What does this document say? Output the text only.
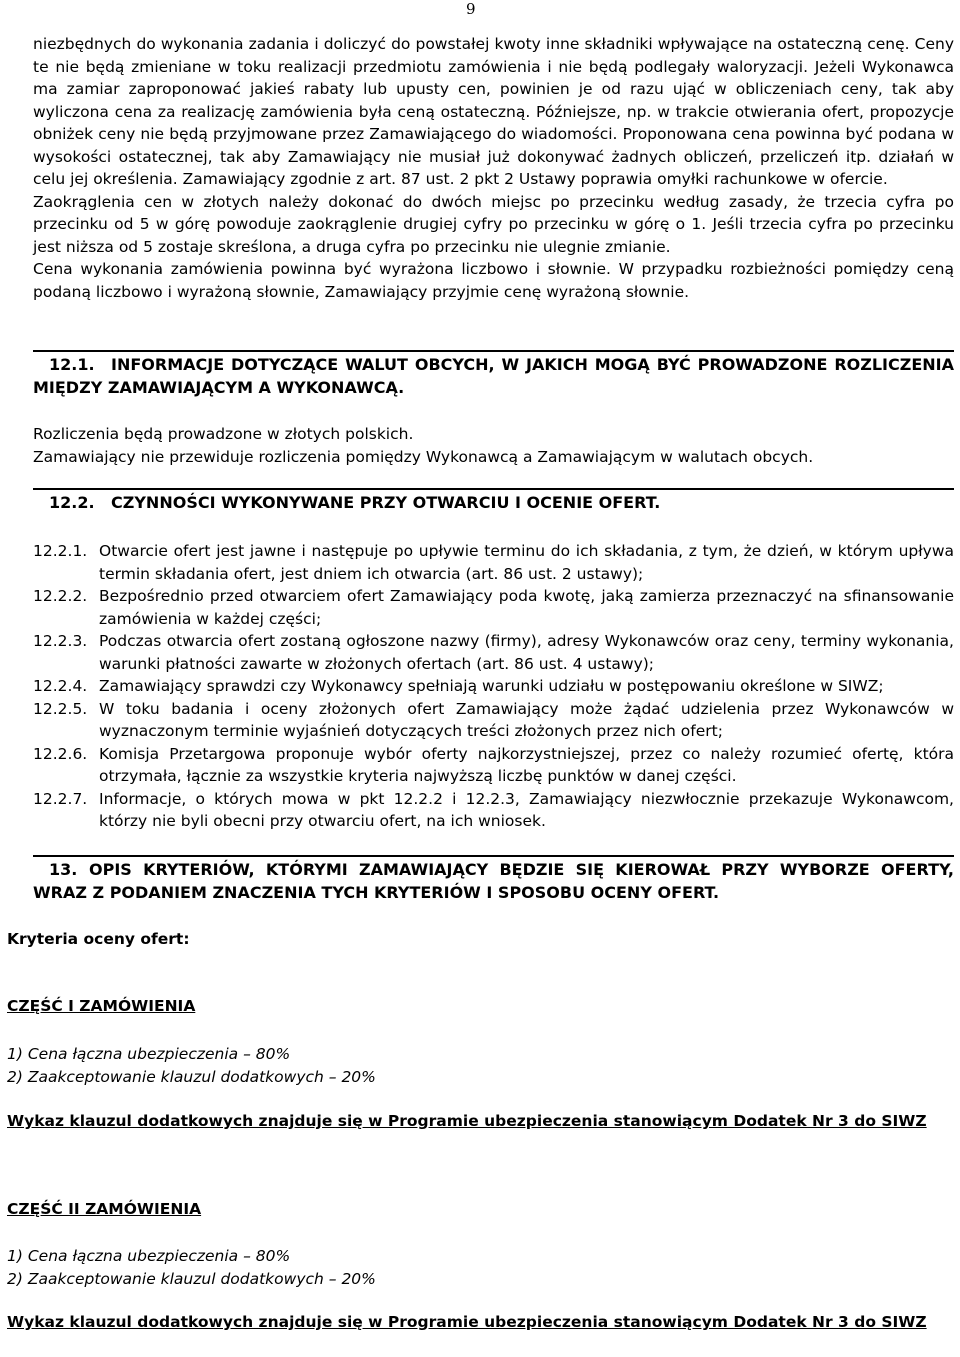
9

niezbędnych do wykonania zadania i doliczyć do powstałej kwoty inne składniki wpływające na ostateczną cenę. Ceny te nie będą zmieniane w toku realizacji przedmiotu zamówienia i nie będą podlegały waloryzacji. Jeżeli Wykonawca ma zamiar zaproponować jakieś rabaty lub upusty cen, powinien je od razu ująć w obliczeniach ceny, tak aby wyliczona cena za realizację zamówienia była ceną ostateczną. Późniejsze, np. w trakcie otwierania ofert, propozycje obniżek ceny nie będą przyjmowane przez Zamawiającego do wiadomości. Proponowana cena powinna być podana w wysokości ostatecznej, tak aby Zamawiający nie musiał już dokonywać żadnych obliczeń, przeliczeń itp. działań w celu jej określenia. Zamawiający zgodnie z art. 87 ust. 2 pkt 2 Ustawy poprawia omyłki rachunkowe w ofercie.

Zaokrąglenia cen w złotych należy dokonać do dwóch miejsc po przecinku według zasady, że trzecia cyfra po przecinku od 5 w górę powoduje zaokrąglenie drugiej cyfry po przecinku w górę o 1. Jeśli trzecia cyfra po przecinku jest niższa od 5 zostaje skreślona, a druga cyfra po przecinku nie ulegnie zmianie.

Cena wykonania zamówienia powinna być wyrażona liczbowo i słownie. W przypadku rozbieżności pomiędzy ceną podaną liczbowo i wyrażoną słownie, Zamawiający przyjmie cenę wyrażoną słownie.

12.1. INFORMACJE DOTYCZĄCE WALUT OBCYCH, W JAKICH MOGĄ BYĆ PROWADZONE ROZLICZENIA MIĘDZY ZAMAWIAJĄCYM A WYKONAWCĄ.

Rozliczenia będą prowadzone w złotych polskich.

Zamawiający nie przewiduje rozliczenia pomiędzy Wykonawcą a Zamawiającym w walutach obcych.

12.2. CZYNNOŚCI WYKONYWANE PRZY OTWARCIU I OCENIE OFERT.

12.2.1. Otwarcie ofert jest jawne i następuje po upływie terminu do ich składania, z tym, że dzień, w którym upływa termin składania ofert, jest dniem ich otwarcia (art. 86 ust. 2 ustawy);
12.2.2. Bezpośrednio przed otwarciem ofert Zamawiający poda kwotę, jaką zamierza przeznaczyć na sfinansowanie zamówienia w każdej części;
12.2.3. Podczas otwarcia ofert zostaną ogłoszone nazwy (firmy), adresy Wykonawców oraz ceny, terminy wykonania, warunki płatności zawarte w złożonych ofertach (art. 86 ust. 4 ustawy);
12.2.4. Zamawiający sprawdzi czy Wykonawcy spełniają warunki udziału w postępowaniu określone w SIWZ;
12.2.5. W toku badania i oceny złożonych ofert Zamawiający może żądać udzielenia przez Wykonawców w wyznaczonym terminie wyjaśnień dotyczących treści złożonych przez nich ofert;
12.2.6. Komisja Przetargowa proponuje wybór oferty najkorzystniejszej, przez co należy rozumieć ofertę, która otrzymała, łącznie za wszystkie kryteria najwyższą liczbę punktów w danej części.
12.2.7. Informacje, o których mowa w pkt 12.2.2 i 12.2.3, Zamawiający niezwłocznie przekazuje Wykonawcom, którzy nie byli obecni przy otwarciu ofert, na ich wniosek.

13. OPIS KRYTERIÓW, KTÓRYMI ZAMAWIAJĄCY BĘDZIE SIĘ KIEROWAŁ PRZY WYBORZE OFERTY, WRAZ Z PODANIEM ZNACZENIA TYCH KRYTERIÓW I SPOSOBU OCENY OFERT.

Kryteria oceny ofert:
CZĘŚĆ I ZAMÓWIENIA
1) Cena łączna ubezpieczenia – 80%
2) Zaakceptowanie klauzul dodatkowych – 20%
Wykaz klauzul dodatkowych znajduje się w Programie ubezpieczenia stanowiącym Dodatek Nr 3 do SIWZ
CZĘŚĆ II ZAMÓWIENIA
1) Cena łączna ubezpieczenia – 80%
2) Zaakceptowanie klauzul dodatkowych – 20%
Wykaz klauzul dodatkowych znajduje się w Programie ubezpieczenia stanowiącym Dodatek Nr 3 do SIWZ
